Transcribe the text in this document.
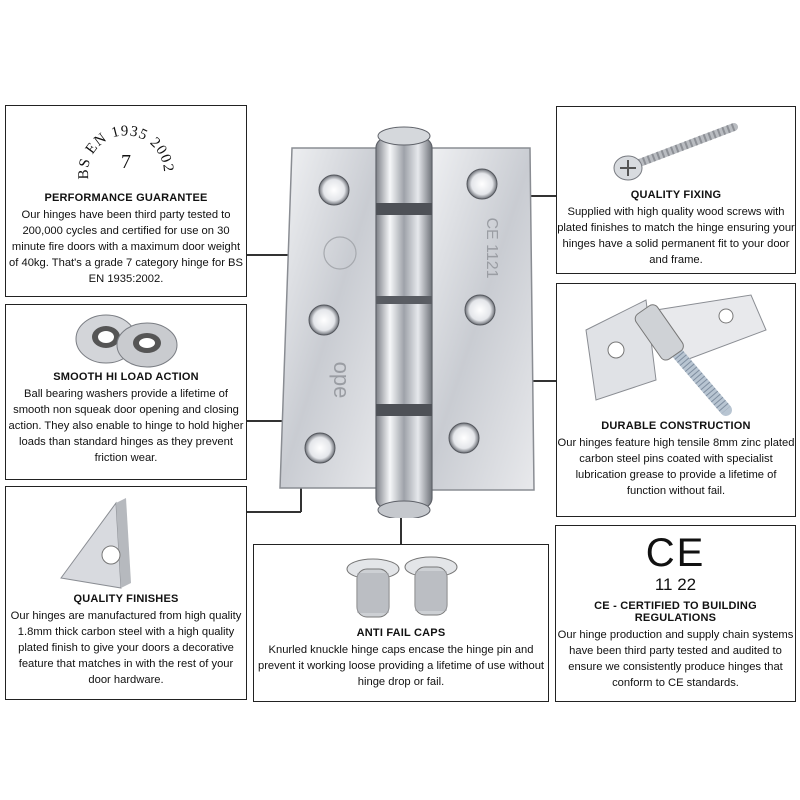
ope
CE 1121
BS EN 1935 2002
7
PERFORMANCE GUARANTEE

Our hinges have been third party tested to 200,000 cycles and certified for use on 30 minute fire doors with a maximum door weight of 40kg. That's a grade 7 category hinge for BS EN 1935:2002.

QUALITY FIXING

Supplied with high quality wood screws with plated finishes to match the hinge ensuring your hinges have a solid permanent fit to your door and frame.

SMOOTH HI LOAD ACTION

Ball bearing washers provide a lifetime of smooth non squeak door opening and closing action. They also enable to hinge to hold higher loads than standard hinges as they prevent friction wear.

DURABLE CONSTRUCTION

Our hinges feature high tensile 8mm zinc plated carbon steel pins coated with specialist lubrication grease to provide a lifetime of function without fail.

QUALITY FINISHES

Our hinges are manufactured from high quality 1.8mm thick carbon steel with a high quality plated finish to give your doors a decorative feature that matches in with the rest of your door hardware.

ANTI FAIL CAPS

Knurled knuckle hinge caps encase the hinge pin and prevent it working loose providing a lifetime of use without hinge drop or fail.

CE
11 22
CE - CERTIFIED TO BUILDING REGULATIONS

Our hinge production and supply chain systems have been third party tested and audited to ensure we consistently produce hinges that conform to CE standards.
